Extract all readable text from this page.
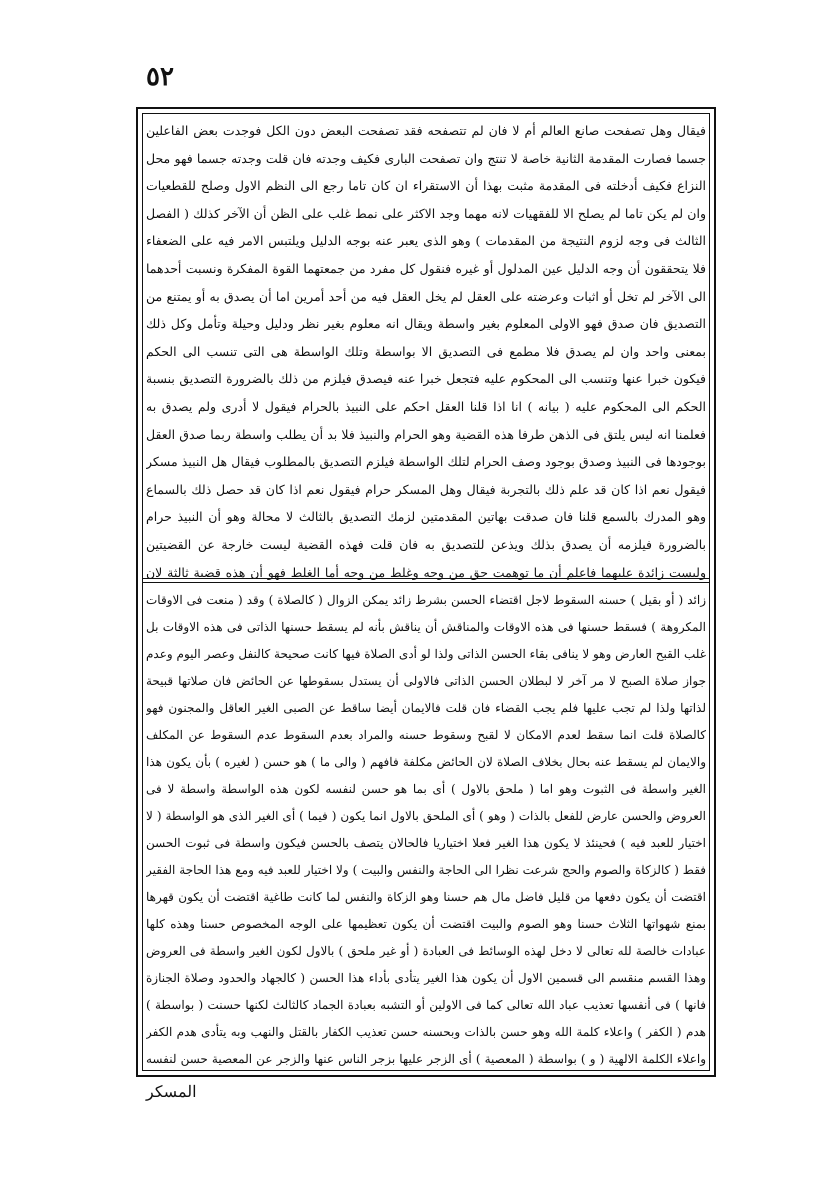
٥٢
فيقال وهل تصفحت صانع العالم أم لا فان لم تتصفحه فقد تصفحت البعض دون الكل فوجدت بعض الفاعلين جسما فصارت المقدمة الثانية خاصة لا تنتج وان تصفحت البارى فكيف وجدته فان قلت وجدته جسما فهو محل النزاع فكيف أدخلته فى المقدمة مثبت بهذا أن الاستقراء ان كان تاما رجع الى النظم الاول وصلح للقطعيات وان لم يكن تاما لم يصلح الا للفقهيات لانه مهما وجد الاكثر على نمط غلب على الظن أن الآخر كذلك ( الفصل الثالث فى وجه لزوم النتيجة من المقدمات ) وهو الذى يعبر عنه بوجه الدليل ويلتبس الامر فيه على الضعفاء فلا يتحققون أن وجه الدليل عين المدلول أو غيره فنقول كل مفرد من جمعتهما القوة المفكرة ونسبت أحدهما الى الآخر لم تخل أو اثبات وعرضته على العقل لم يخل العقل فيه من أحد أمرين اما أن يصدق به أو يمتنع من التصديق فان صدق فهو الاولى المعلوم بغير واسطة ويقال انه معلوم بغير نظر ودليل وحيلة وتأمل وكل ذلك بمعنى واحد وان لم يصدق فلا مطمع فى التصديق الا بواسطة وتلك الواسطة هى التى تنسب الى الحكم فيكون خبرا عنها وتنسب الى المحكوم عليه فتجعل خبرا عنه فيصدق فيلزم من ذلك بالضرورة التصديق بنسبة الحكم الى المحكوم عليه ( بيانه ) انا اذا قلنا العقل احكم على النبيذ بالحرام فيقول لا أدرى ولم يصدق به فعلمنا انه ليس يلتق فى الذهن طرفا هذه القضية وهو الحرام والنبيذ فلا بد أن يطلب واسطة ربما صدق العقل بوجودها فى النبيذ وصدق بوجود وصف الحرام لتلك الواسطة فيلزم التصديق بالمطلوب فيقال هل النبيذ مسكر فيقول نعم اذا كان قد علم ذلك بالتجربة فيقال وهل المسكر حرام فيقول نعم اذا كان قد حصل ذلك بالسماع وهو المدرك بالسمع قلنا فان صدقت بهاتين المقدمتين لزمك التصديق بالثالث لا محالة وهو أن النبيذ حرام بالضرورة فيلزمه أن يصدق بذلك ويذعن للتصديق به فان قلت فهذه القضية ليست خارجة عن القضيتين وليست زائدة عليهما فاعلم أن ما توهمت حق من وجه وغلط من وجه أما الغلط فهو أن هذه قضية ثالثة لان
زائد ( أو بقيل ) حسنه السقوط لاجل اقتضاء الحسن بشرط زائد يمكن الزوال ( كالصلاة ) وقد ( منعت فى الاوقات المكروهة ) فسقط حسنها فى هذه الاوقات والمناقش أن يناقش بأنه لم يسقط حسنها الذاتى فى هذه الاوقات بل غلب القبح العارض وهو لا ينافى بقاء الحسن الذاتى ولذا لو أدى الصلاة فيها كانت صحيحة كالنفل وعصر اليوم وعدم جواز صلاة الصبح لا مر آخر لا لبطلان الحسن الذاتى فالاولى أن يستدل بسقوطها عن الحائض فان صلاتها قبيحة لذاتها ولذا لم تجب عليها فلم يجب القضاء فان قلت فالايمان أيضا ساقط عن الصبى الغير العاقل والمجنون فهو كالصلاة قلت انما سقط لعدم الامكان لا لقبح وسقوط حسنه والمراد بعدم السقوط عدم السقوط عن المكلف والايمان لم يسقط عنه بحال بخلاف الصلاة لان الحائض مكلفة فافهم ( والى ما ) هو حسن ( لغيره ) بأن يكون هذا الغير واسطة فى الثبوت وهو اما ( ملحق بالاول ) أى بما هو حسن لنفسه لكون هذه الواسطة واسطة لا فى العروض والحسن عارض للفعل بالذات ( وهو ) أى الملحق بالاول انما يكون ( فيما ) أى الغير الذى هو الواسطة ( لا اختيار للعبد فيه ) فحينئذ لا يكون هذا الغير فعلا اختياريا فالحالان يتصف بالحسن فيكون واسطة فى ثبوت الحسن فقط ( كالزكاة والصوم والحج شرعت نظرا الى الحاجة والنفس والبيت ) ولا اختيار للعبد فيه ومع هذا الحاجة الفقير اقتضت أن يكون دفعها من قليل فاضل مال هم حسنا وهو الزكاة والنفس لما كانت طاغية اقتضت أن يكون قهرها بمنع شهواتها الثلاث حسنا وهو الصوم والبيت اقتضت أن يكون تعظيمها على الوجه المخصوص حسنا وهذه كلها عبادات خالصة لله تعالى لا دخل لهذه الوسائط فى العبادة ( أو غير ملحق ) بالاول لكون الغير واسطة فى العروض وهذا القسم منقسم الى قسمين الاول أن يكون هذا الغير يتأدى بأداء هذا الحسن ( كالجهاد والحدود وصلاة الجنازة فانها ) فى أنفسها تعذيب عباد الله تعالى كما فى الاولين أو التشبه بعبادة الجماد كالثالث لكنها حسنت ( بواسطة ) هدم ( الكفر ) واعلاء كلمة الله وهو حسن بالذات وبحسنه حسن تعذيب الكفار بالقتل والنهب وبه يتأدى هدم الكفر واعلاء الكلمة الالهية ( و ) بواسطة ( المعصية ) أى الزجر عليها بزجر الناس عنها والزجر عن المعصية حسن لنفسه
المسكر
